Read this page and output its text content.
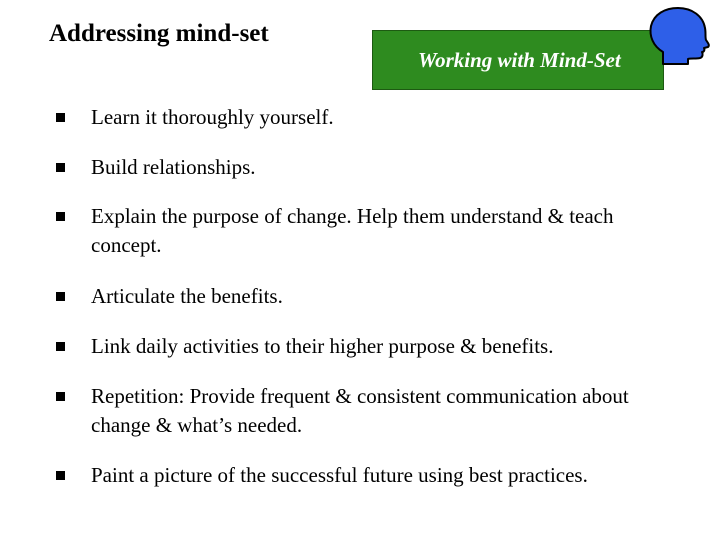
Addressing mind-set
Working with Mind-Set
Learn it thoroughly yourself.
Build relationships.
Explain the purpose of change. Help them understand & teach concept.
Articulate the benefits.
Link daily activities to their higher purpose & benefits.
Repetition: Provide frequent & consistent communication about change & what’s needed.
Paint a picture of the successful future using best practices.
